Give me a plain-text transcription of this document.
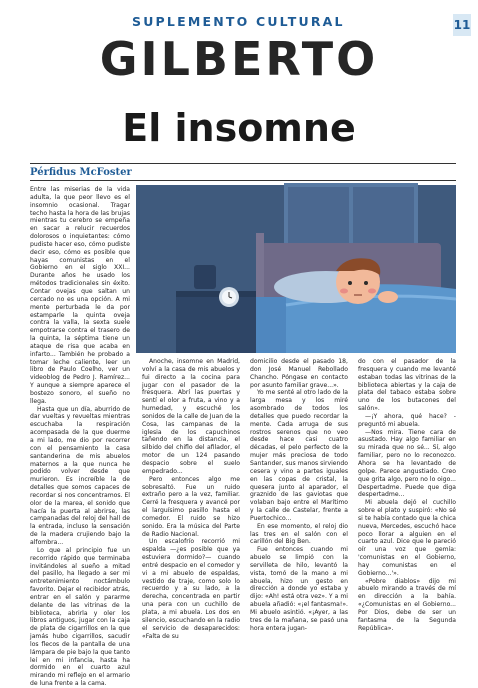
SUPLEMENTO CULTURAL	11
GILBERTO
El insomne
Pérfidus McFoster

Entre las miserias de la vida adulta, la que peor llevo es el insomnio ocasional. Tragar techo hasta la hora de las brujas mientras tu cerebro se empeña en sacar a relucir recuerdos dolorosos o inquietantes: cómo pudiste hacer eso, cómo pudiste decir eso, cómo es posible que hayas comunistas en el Gobierno en el siglo XXI... Durante años he usado los métodos tradicionales sin éxito. Contar ovejas que saltan un cercado no es una opción. A mi mente perturbada le da por estamparle la quinta oveja contra la valla, la sexta suele empotrarse contra el trasero de la quinta, la séptima tiene un ataque de risa que acaba en infarto... También he probado a tomar leche caliente, leer un libro de Paulo Coelho, ver un videoblog de Pedro J. Ramírez... Y aunque a siempre aparece el bostezo sonoro, el sueño no llega.

Hasta que un día, aburrido de dar vueltas y revueltas mientras escuchaba la respiración acompasada de la que duerme a mi lado, me dio por recorrer con el pensamiento la casa santanderina de mis abuelos maternos a la que nunca he podido volver desde que murieron. Es increíble la de detalles que somos capaces de recordar si nos concentramos. El olor de la marea, el sonido que hacía la puerta al abrirse, las campanadas del reloj del hall de la entrada, incluso la sensación de la madera crujiendo bajo la alfombra...

Lo que al principio fue un recorrido rápido que terminaba invitándoles al sueño a mitad del pasillo, ha llegado a ser mi entretenimiento noctámbulo favorito. Dejar el recibidor atrás, entrar en el salón y pararme delante de las vitrinas de la biblioteca, abrirla y oler los libros antiguos, jugar con la caja de plata de cigarrillos en la que jamás hubo cigarrillos, sacudir los flecos de la pantalla de una lámpara de pie bajo la que tanto leí en mi infancia, hasta ha dormido en el cuarto azul mirando mi reflejo en el armario de luna frente a la cama.

Anoche, insomne en Madrid, volví a la casa de mis abuelos y fui directo a la cocina para jugar con el pasador de la fresquera. Abrí las puertas y sentí el olor a fruta, a vino y a humedad, y escuché los sonidos de la calle de Juan de la Cosa, las campanas de la iglesia de los capuchinos tañendo en la distancia, el silbido del chiflo del afilador, el motor de un 124 pasando despacio sobre el suelo empedrado...

Pero entonces algo me sobresaltó. Fue un ruido extraño pero a la vez, familiar. Cerré la fresquera y avancé por el larguísimo pasillo hasta el comedor. El ruido se hizo sonido. Era la música del Parte de Radio Nacional.

Un escalofrío recorrió mi espalda —¿es posible que ya estuviera dormido?— cuando entré despacio en el comedor y vi a mi abuelo de espaldas, vestido de traje, como solo lo recuerdo y a su lado, a la derecha, concentrada en partir una pera con un cuchillo de plata, a mi abuela. Los dos en silencio, escuchando en la radio el servicio de desaparecidos: «Falta de su

domicilio desde el pasado 18, don José Manuel Rebollado Chancho. Póngase en contacto por asunto familiar grave...».

Yo me senté al otro lado de la larga mesa y los miré asombrado de todos los detalles que puedo recordar la mente. Cada arruga de sus rostros serenos que no veo desde hace casi cuatro décadas, el pelo perfecto de la mujer más preciosa de todo Santander, sus manos sirviendo cesera y vino a partes iguales en las copas de cristal, la quesera junto al aparador, el graznido de las gaviotas que volaban bajo entre el Marítimo y la calle de Castelar, frente a Puertochico...

En ese momento, el reloj dio las tres en el salón con el carillón del Big Ben.

Fue entonces cuando mi abuelo se limpió con la servilleta de hilo, levantó la vista, tomó de la mano a mi abuela, hizo un gesto en dirección a donde yo estaba y dijo: «Ah! está otra vez». Y a mi abuela añadió: «¡el fantasma!». Mi abuelo asintió. «¡Ayer, a las tres de la mañana, se pasó una hora entera jugan-

do con el pasador de la fresquera y cuando me levanté estaban todas las vitrinas de la biblioteca abiertas y la caja de plata del tabaco estaba sobre uno de los butacones del salón».

—¡Y ahora, qué hace? -preguntó mi abuela.

—Nos mira. Tiene cara de asustado. Hay algo familiar en su mirada que no sé... Sí, algo familiar, pero no lo reconozco. Ahora se ha levantado de golpe. Parece angustiado. Creo que grita algo, pero no lo oigo... Despertadme. Puede que diga despertadme...

Mi abuela dejó el cuchillo sobre el plato y suspiró: «No sé si te había contado que la chica nueva, Mercedes, escuchó hace poco llorar a alguien en el cuarto azul. Dice que le pareció oír una voz que gemía: 'comunistas en el Gobierno, hay comunistas en el Gobierno...'».

«Pobre diablos» dijo mi abuelo mirando a través de mí en dirección a la bahía. «¿Comunistas en el Gobierno... Por Dios, debe de ser un fantasma de la Segunda República».
